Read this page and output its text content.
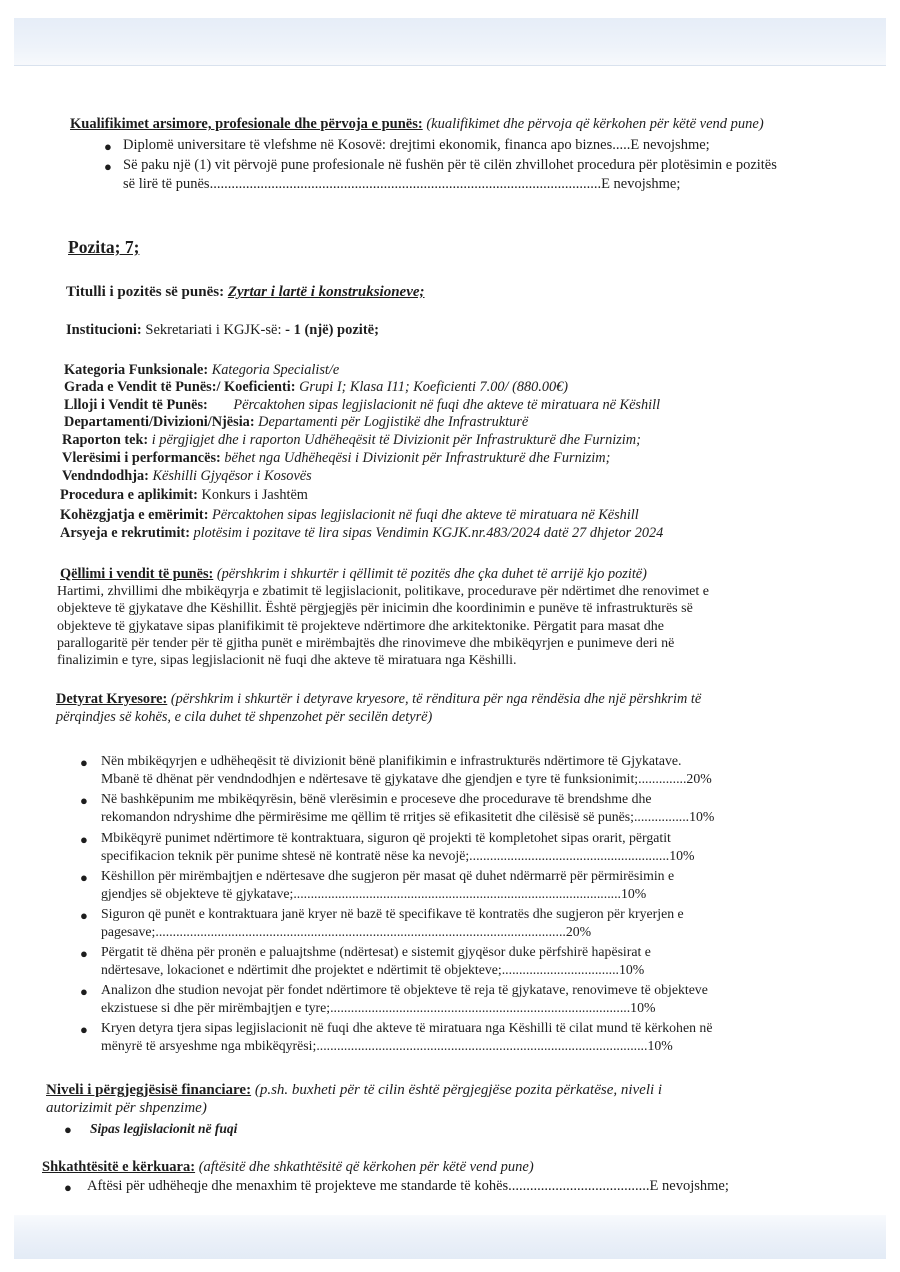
Kualifikimet arsimore, profesionale dhe përvoja e punës: (kualifikimet dhe përvoja që kërkohen për këtë vend pune)
● Diplomë universitare të vlefshme në Kosovë: drejtimi ekonomik, financa apo biznes.....E nevojshme;
● Së paku një (1) vit përvojë pune profesionale në fushën për të cilën zhvillohet procedura për plotësimin e pozitës
së lirë të punës............................................................................................................E nevojshme;
Pozita; 7;
Titulli i pozitës së punës: Zyrtar i lartë i konstruksioneve;
Institucioni: Sekretariati i KGJK-së: - 1 (një) pozitë;
Kategoria Funksionale: Kategoria Specialist/e
Grada e Vendit të Punës:/ Koeficienti: Grupi I; Klasa I11; Koeficienti 7.00/ (880.00€)
Llloji i Vendit të Punës: Përcaktohen sipas legjislacionit në fuqi dhe akteve të miratuara në Këshill
Departamenti/Divizioni/Njësia: Departamenti për Logjistikë dhe Infrastrukturë
Raporton tek: i përgjigjet dhe i raporton Udhëheqësit të Divizionit për Infrastrukturë dhe Furnizim;
Vlerësimi i performancës: bëhet nga Udhëheqësi i Divizionit për Infrastrukturë dhe Furnizim;
Vendndodhja: Këshilli Gjyqësor i Kosovës
Procedura e aplikimit: Konkurs i Jashtëm
Kohëzgjatja e emërimit: Përcaktohen sipas legjislacionit në fuqi dhe akteve të miratuara në Këshill
Arsyeja e rekrutimit: plotësim i pozitave të lira sipas Vendimin KGJK.nr.483/2024 datë 27 dhjetor 2024
Qëllimi i vendit të punës: (përshkrim i shkurtër i qëllimit të pozitës dhe çka duhet të arrijë kjo pozitë)
Hartimi, zhvillimi dhe mbikëqyrja e zbatimit të legjislacionit, politikave, procedurave për ndërtimet dhe renovimet e
objekteve të gjykatave dhe Këshillit. Është përgjegjës për inicimin dhe koordinimin e punëve të infrastrukturës së
objekteve të gjykatave sipas planifikimit të projekteve ndërtimore dhe arkitektonike. Përgatit para masat dhe
parallogaritë për tender për të gjitha punët e mirëmbajtës dhe rinovimeve dhe mbikëqyrjen e punimeve deri në
finalizimin e tyre, sipas legjislacionit në fuqi dhe akteve të miratuara nga Këshilli.
Detyrat Kryesore: (përshkrim i shkurtër i detyrave kryesore, të rënditura për nga rëndësia dhe një përshkrim të
përqindjes së kohës, e cila duhet të shpenzohet për secilën detyrë)
● Nën mbikëqyrjen e udhëheqësit të divizionit bënë planifikimin e infrastrukturës ndërtimore të Gjykatave.
Mbanë të dhënat për vendndodhjen e ndërtesave të gjykatave dhe gjendjen e tyre të funksionimit;..............20%
● Në bashkëpunim me mbikëqyrësin, bënë vlerësimin e proceseve dhe procedurave të brendshme dhe
rekomandon ndryshime dhe përmirësime me qëllim të rritjes së efikasitetit dhe cilësisë së punës;................10%
● Mbikëqyrë punimet ndërtimore të kontraktuara, siguron që projekti të kompletohet sipas orarit, përgatit
specifikacion teknik për punime shtesë në kontratë nëse ka nevojë;..........................................................10%
● Këshillon për mirëmbajtjen e ndërtesave dhe sugjeron për masat që duhet ndërmarrë për përmirësimin e
gjendjes së objekteve të gjykatave;...............................................................................................10%
● Siguron që punët e kontraktuara janë kryer në bazë të specifikave të kontratës dhe sugjeron për kryerjen e
pagesave;.......................................................................................................................20%
● Përgatit të dhëna për pronën e paluajtshme (ndërtesat) e sistemit gjyqësor duke përfshirë hapësirat e
ndërtesave, lokacionet e ndërtimit dhe projektet e ndërtimit të objekteve;..................................10%
● Analizon dhe studion nevojat për fondet ndërtimore të objekteve të reja të gjykatave, renovimeve të objekteve
ekzistuese si dhe për mirëmbajtjen e tyre;.......................................................................................10%
● Kryen detyra tjera sipas legjislacionit në fuqi dhe akteve të miratuara nga Këshilli të cilat mund të kërkohen në
mënyrë të arsyeshme nga mbikëqyrësi;................................................................................................10%
Niveli i përgjegjësisë financiare: (p.sh. buxheti për të cilin është përgjegjëse pozita përkatëse, niveli i
autorizimit për shpenzime)
● Sipas legjislacionit në fuqi
Shkathtësitë e kërkuara: (aftësitë dhe shkathtësitë që kërkohen për këtë vend pune)
● Aftësi për udhëheqje dhe menaxhim të projekteve me standarde të kohës.......................................E nevojshme;
